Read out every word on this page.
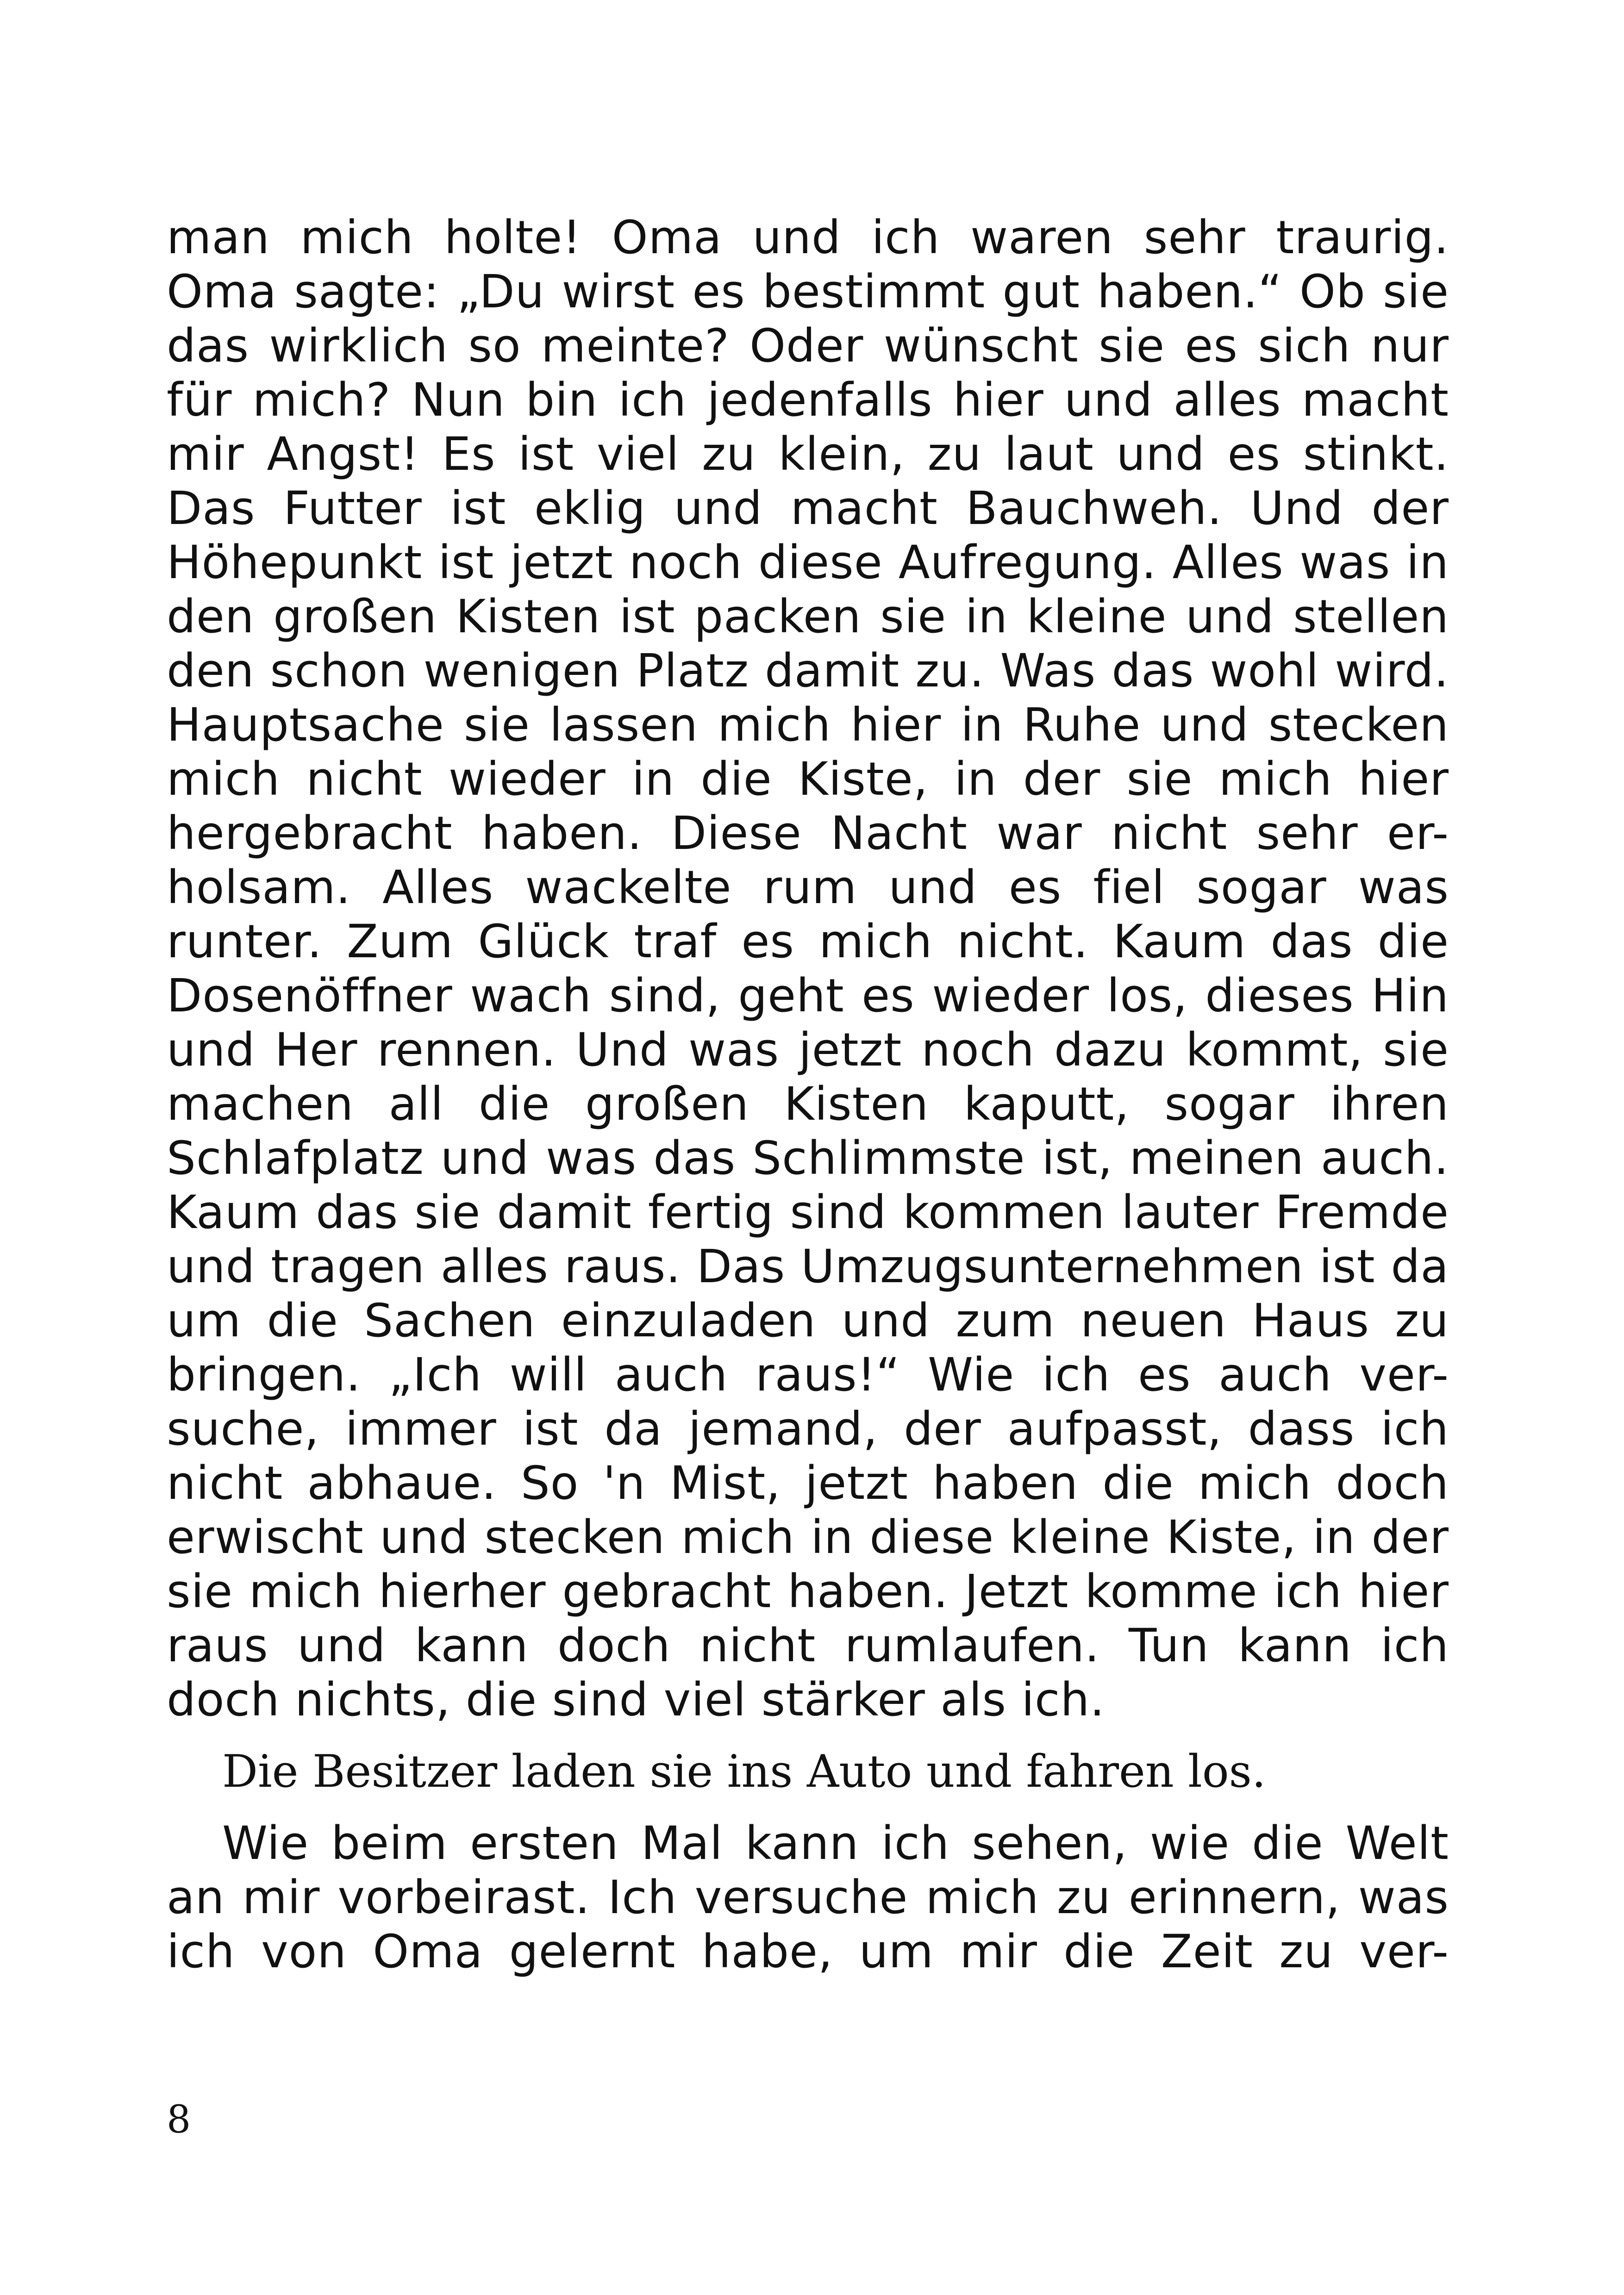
man mich holte! Oma und ich waren sehr traurig.
Oma sagte: „Du wirst es bestimmt gut haben.“ Ob sie
das wirklich so meinte? Oder wünscht sie es sich nur
für mich? Nun bin ich jedenfalls hier und alles macht
mir Angst! Es ist viel zu klein, zu laut und es stinkt.
Das Futter ist eklig und macht Bauchweh. Und der
Höhepunkt ist jetzt noch diese Aufregung. Alles was in
den großen Kisten ist packen sie in kleine und stellen
den schon wenigen Platz damit zu. Was das wohl wird.
Hauptsache sie lassen mich hier in Ruhe und stecken
mich nicht wieder in die Kiste, in der sie mich hier
hergebracht haben. Diese Nacht war nicht sehr er-
holsam. Alles wackelte rum und es fiel sogar was
runter. Zum Glück traf es mich nicht. Kaum das die
Dosenöffner wach sind, geht es wieder los, dieses Hin
und Her rennen. Und was jetzt noch dazu kommt, sie
machen all die großen Kisten kaputt, sogar ihren
Schlafplatz und was das Schlimmste ist, meinen auch.
Kaum das sie damit fertig sind kommen lauter Fremde
und tragen alles raus. Das Umzugsunternehmen ist da
um die Sachen einzuladen und zum neuen Haus zu
bringen. „Ich will auch raus!“ Wie ich es auch ver-
suche, immer ist da jemand, der aufpasst, dass ich
nicht abhaue. So 'n Mist, jetzt haben die mich doch
erwischt und stecken mich in diese kleine Kiste, in der
sie mich hierher gebracht haben. Jetzt komme ich hier
raus und kann doch nicht rumlaufen. Tun kann ich
doch nichts, die sind viel stärker als ich.

Die Besitzer laden sie ins Auto und fahren los.

Wie beim ersten Mal kann ich sehen, wie die Welt
an mir vorbeirast. Ich versuche mich zu erinnern, was
ich von Oma gelernt habe, um mir die Zeit zu ver-

8
